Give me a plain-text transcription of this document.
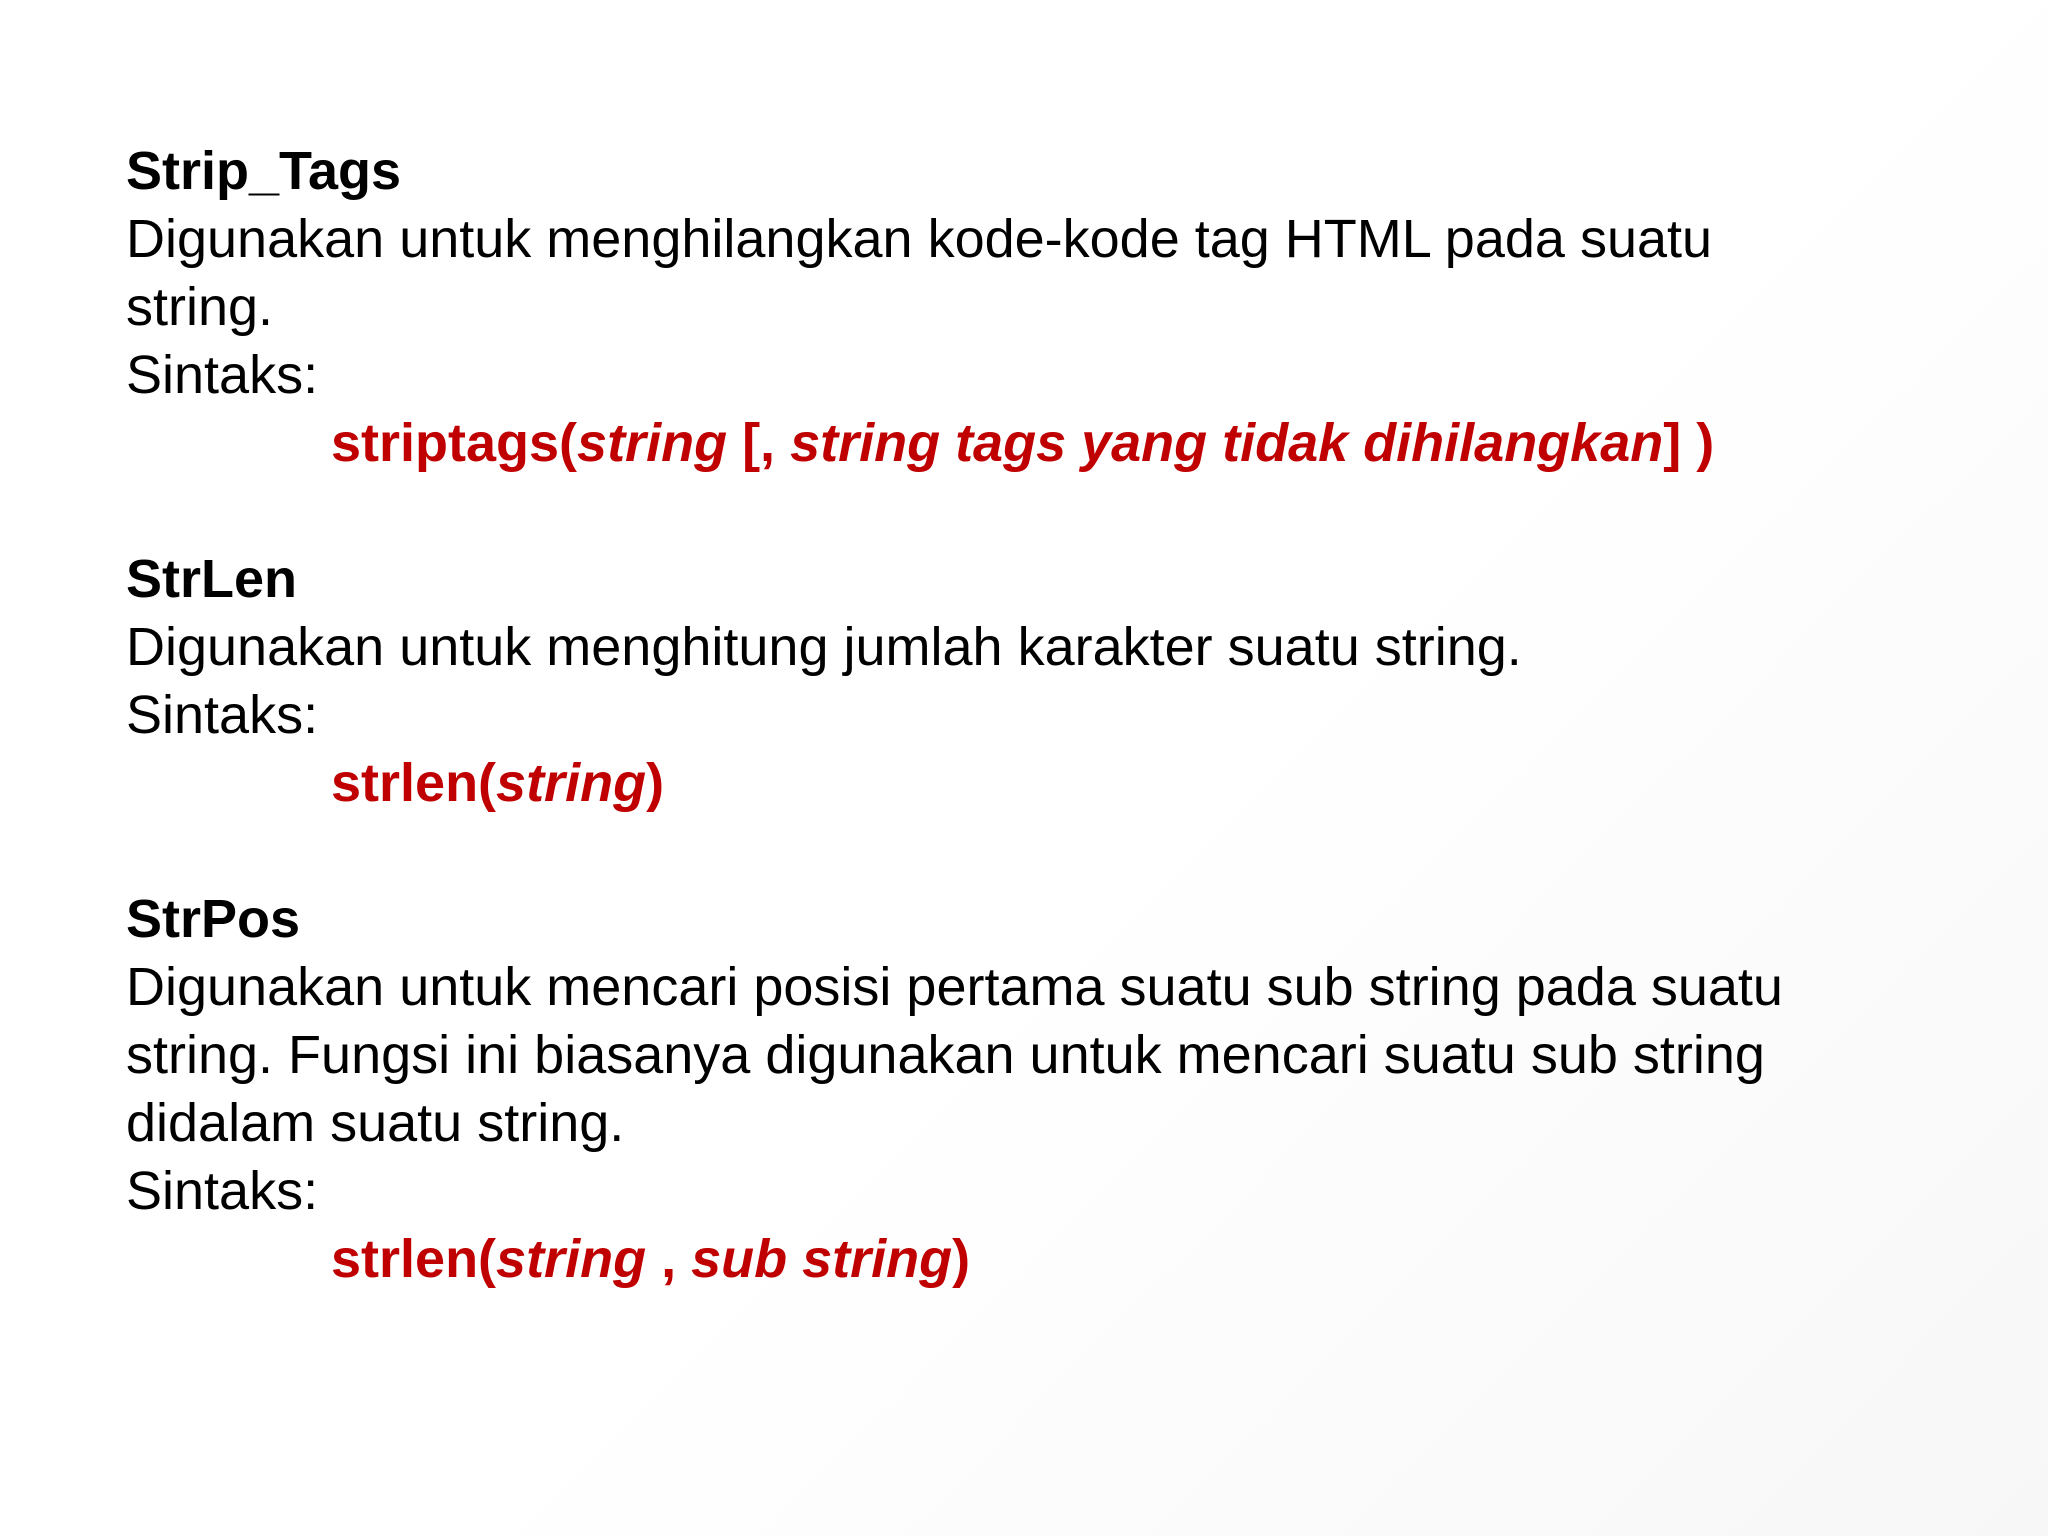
Strip_Tags
Digunakan untuk menghilangkan kode-kode tag HTML pada suatu
string.
Sintaks:
striptags(string [, string tags yang tidak dihilangkan] )
StrLen
Digunakan untuk menghitung jumlah karakter suatu string.
Sintaks:
strlen(string)
StrPos
Digunakan untuk mencari posisi pertama suatu sub string pada suatu
string. Fungsi ini biasanya digunakan untuk mencari suatu sub string
didalam suatu string.
Sintaks:
strlen(string , sub string)
